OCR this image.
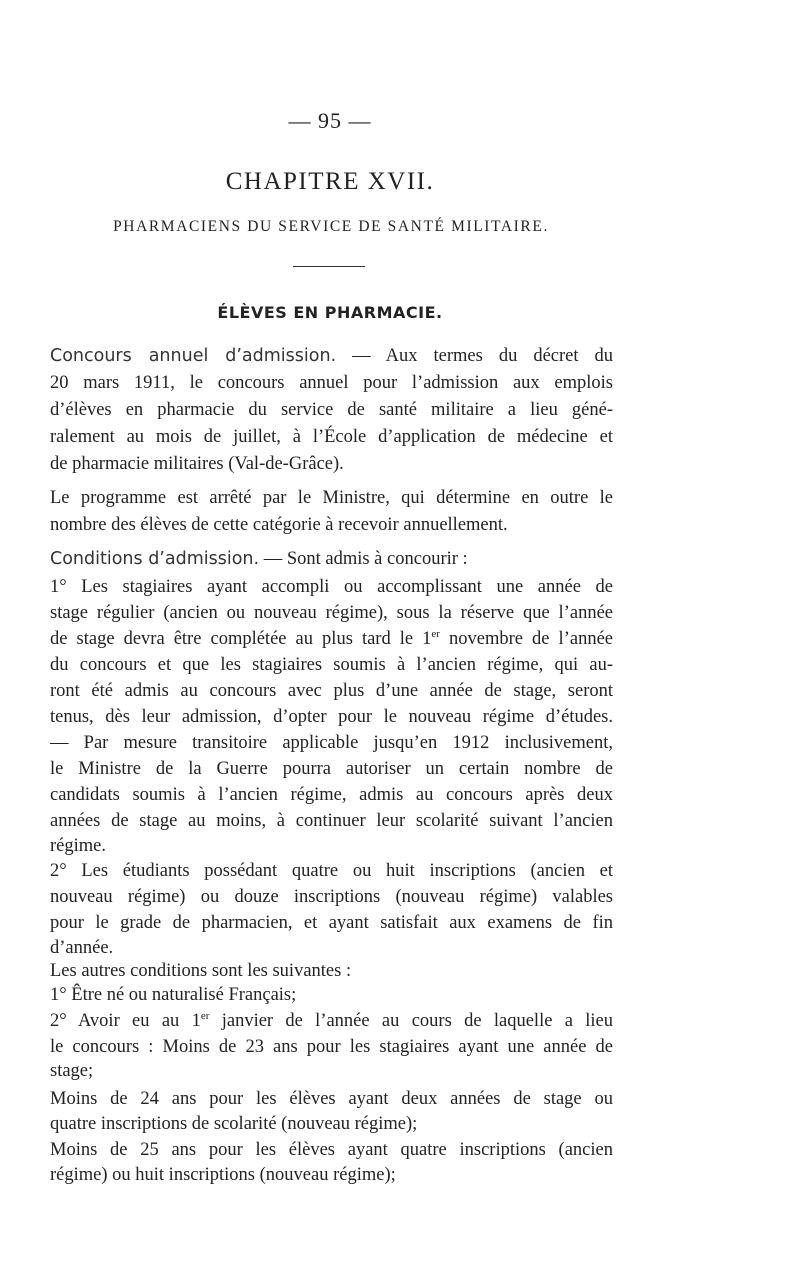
— 95 —
CHAPITRE XVII.
PHARMACIENS DU SERVICE DE SANTÉ MILITAIRE.
ÉLÈVES EN PHARMACIE.
Concours annuel d’admission. — Aux termes du décret du
20 mars 1911, le concours annuel pour l’admission aux emplois
d’élèves en pharmacie du service de santé militaire a lieu géné-
ralement au mois de juillet, à l’École d’application de médecine et
de pharmacie militaires (Val-de-Grâce).
Le programme est arrêté par le Ministre, qui détermine en outre le
nombre des élèves de cette catégorie à recevoir annuellement.
Conditions d’admission. — Sont admis à concourir :
1° Les stagiaires ayant accompli ou accomplissant une année de
stage régulier (ancien ou nouveau régime), sous la réserve que l’année
de stage devra être complétée au plus tard le 1er novembre de l’année
du concours et que les stagiaires soumis à l’ancien régime, qui au-
ront été admis au concours avec plus d’une année de stage, seront
tenus, dès leur admission, d’opter pour le nouveau régime d’études.
— Par mesure transitoire applicable jusqu’en 1912 inclusivement,
le Ministre de la Guerre pourra autoriser un certain nombre de
candidats soumis à l’ancien régime, admis au concours après deux
années de stage au moins, à continuer leur scolarité suivant l’ancien
régime.
2° Les étudiants possédant quatre ou huit inscriptions (ancien et
nouveau régime) ou douze inscriptions (nouveau régime) valables
pour le grade de pharmacien, et ayant satisfait aux examens de fin
d’année.
Les autres conditions sont les suivantes :
1° Être né ou naturalisé Français;
2° Avoir eu au 1er janvier de l’année au cours de laquelle a lieu
le concours : Moins de 23 ans pour les stagiaires ayant une année de
stage;
Moins de 24 ans pour les élèves ayant deux années de stage ou
quatre inscriptions de scolarité (nouveau régime);
Moins de 25 ans pour les élèves ayant quatre inscriptions (ancien
régime) ou huit inscriptions (nouveau régime);
